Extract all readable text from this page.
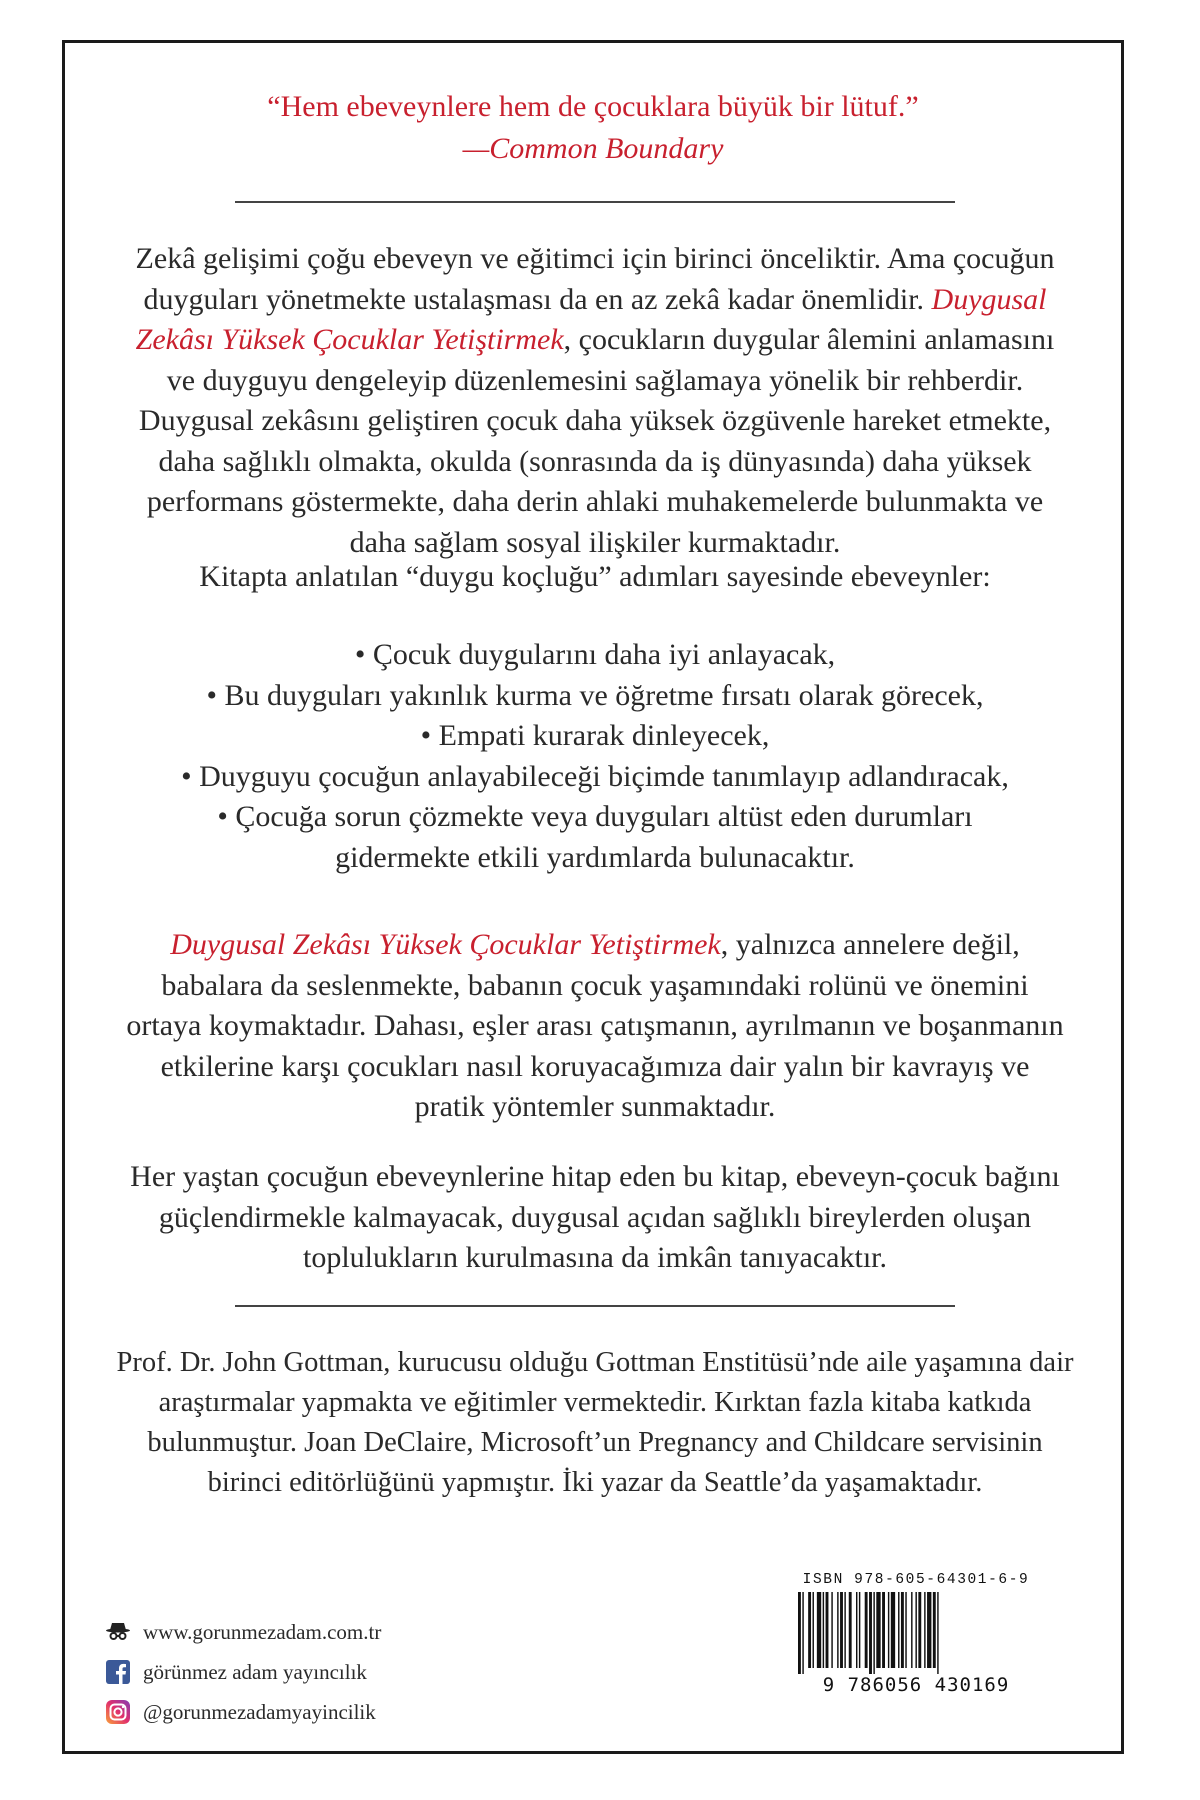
“Hem ebeveynlere hem de çocuklara büyük bir lütuf.”
—Common Boundary

Zekâ gelişimi çoğu ebeveyn ve eğitimci için birinci önceliktir. Ama çocuğun duyguları yönetmekte ustalaşması da en az zekâ kadar önemlidir. Duygusal Zekâsı Yüksek Çocuklar Yetiştirmek, çocukların duygular âlemini anlamasını ve duyguyu dengeleyip düzenlemesini sağlamaya yönelik bir rehberdir. Duygusal zekâsını geliştiren çocuk daha yüksek özgüvenle hareket etmekte, daha sağlıklı olmakta, okulda (sonrasında da iş dünyasında) daha yüksek performans göstermekte, daha derin ahlaki muhakemelerde bulunmakta ve daha sağlam sosyal ilişkiler kurmaktadır.

Kitapta anlatılan “duygu koçluğu” adımları sayesinde ebeveynler:
• Çocuk duygularını daha iyi anlayacak,
• Bu duyguları yakınlık kurma ve öğretme fırsatı olarak görecek,
• Empati kurarak dinleyecek,
• Duyguyu çocuğun anlayabileceği biçimde tanımlayıp adlandıracak,
• Çocuğa sorun çözmekte veya duyguları altüst eden durumları
gidermekte etkili yardımlarda bulunacaktır.

Duygusal Zekâsı Yüksek Çocuklar Yetiştirmek, yalnızca annelere değil, babalara da seslenmekte, babanın çocuk yaşamındaki rolünü ve önemini ortaya koymaktadır. Dahası, eşler arası çatışmanın, ayrılmanın ve boşanmanın etkilerine karşı çocukları nasıl koruyacağımıza dair yalın bir kavrayış ve pratik yöntemler sunmaktadır.

Her yaştan çocuğun ebeveynlerine hitap eden bu kitap, ebeveyn-çocuk bağını güçlendirmekle kalmayacak, duygusal açıdan sağlıklı bireylerden oluşan toplulukların kurulmasına da imkân tanıyacaktır.
Prof. Dr. John Gottman, kurucusu olduğu Gottman Enstitüsü’nde aile yaşamına dair araştırmalar yapmakta ve eğitimler vermektedir. Kırktan fazla kitaba katkıda bulunmuştur. Joan DeClaire, Microsoft’un Pregnancy and Childcare servisinin birinci editörlüğünü yapmıştır. İki yazar da Seattle’da yaşamaktadır.
www.gorunmezadam.com.tr
görünmez adam yayıncılık
@gorunmezadamyayincilik
ISBN 978-605-64301-6-9
9 786056 430169
